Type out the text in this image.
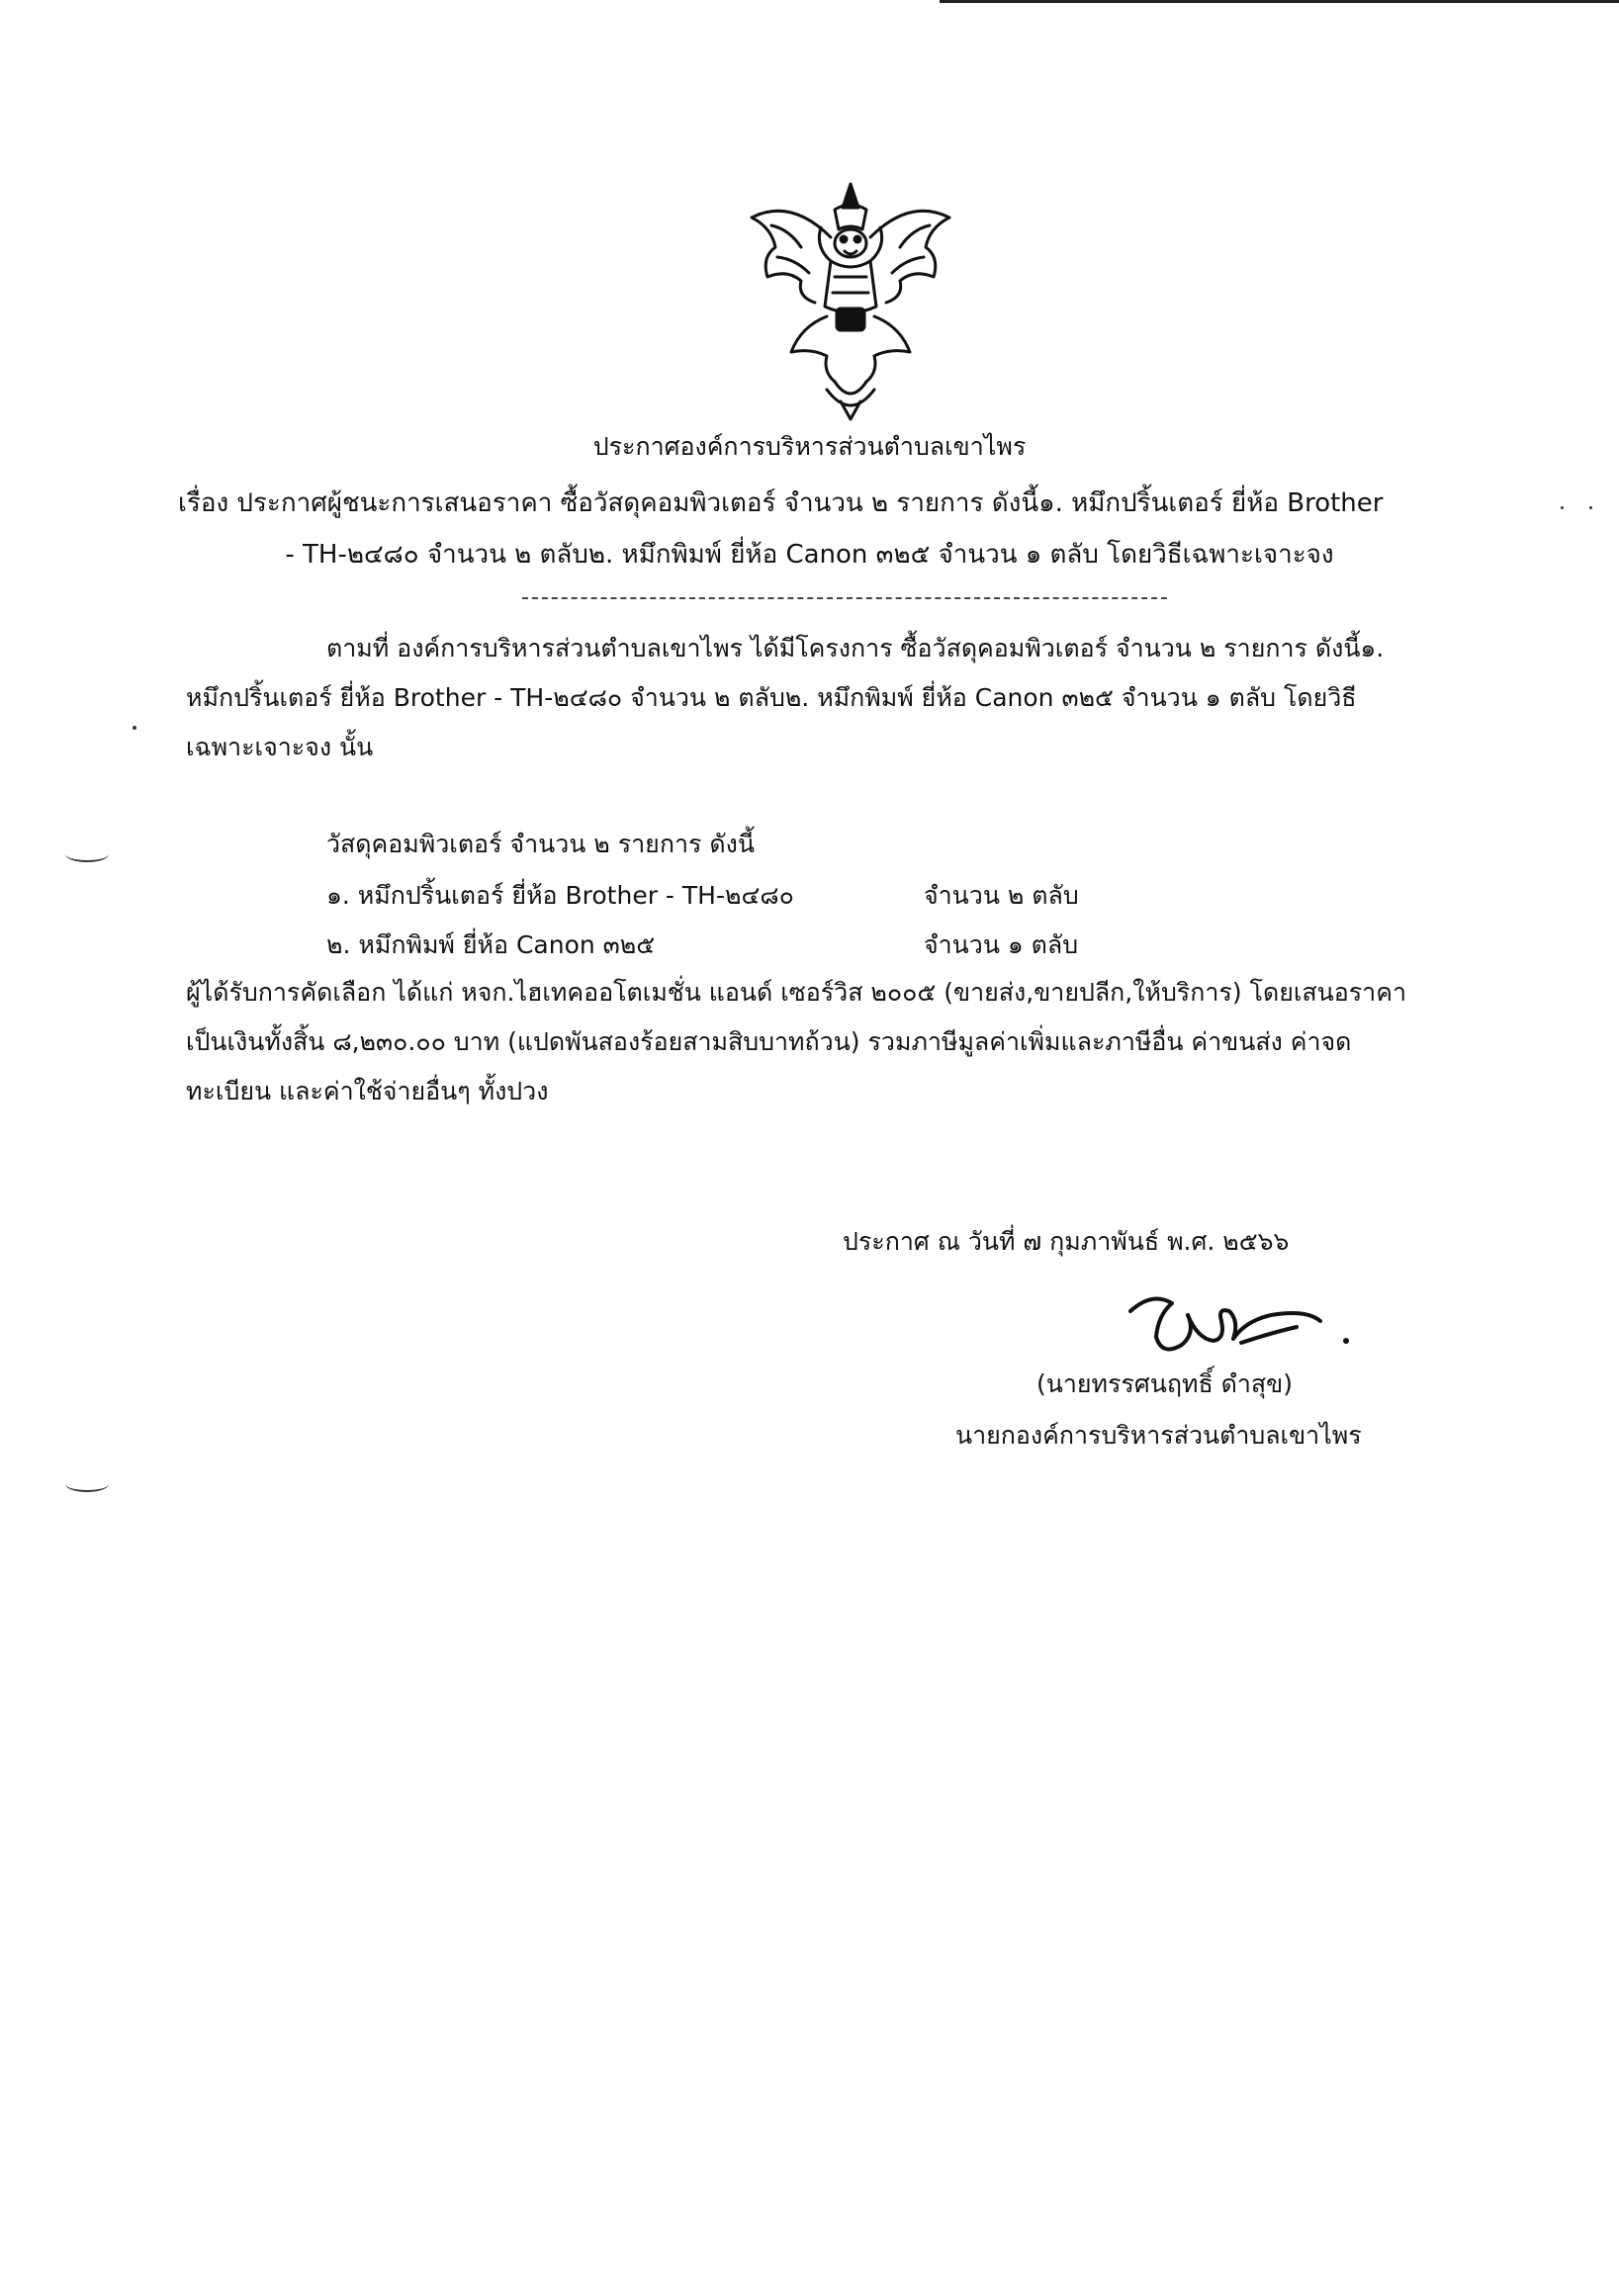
ประกาศองค์การบริหารส่วนตำบลเขาไพร
เรื่อง ประกาศผู้ชนะการเสนอราคา ซื้อวัสดุคอมพิวเตอร์ จำนวน ๒ รายการ ดังนี้๑. หมึกปริ้นเตอร์ ยี่ห้อ Brother
- TH-๒๔๘๐ จำนวน ๒ ตลับ๒. หมึกพิมพ์ ยี่ห้อ Canon ๓๒๕ จำนวน ๑ ตลับ โดยวิธีเฉพาะเจาะจง
ตามที่ องค์การบริหารส่วนตำบลเขาไพร ได้มีโครงการ ซื้อวัสดุคอมพิวเตอร์ จำนวน ๒ รายการ ดังนี้๑.
หมึกปริ้นเตอร์ ยี่ห้อ Brother - TH-๒๔๘๐ จำนวน ๒ ตลับ๒. หมึกพิมพ์ ยี่ห้อ Canon ๓๒๕ จำนวน ๑ ตลับ โดยวิธี
เฉพาะเจาะจง นั้น
วัสดุคอมพิวเตอร์ จำนวน ๒ รายการ ดังนี้
๑. หมึกปริ้นเตอร์ ยี่ห้อ Brother - TH-๒๔๘๐	จำนวน ๒ ตลับ
๒. หมึกพิมพ์ ยี่ห้อ Canon ๓๒๕	จำนวน ๑ ตลับ
ผู้ได้รับการคัดเลือก ได้แก่ หจก.ไฮเทคออโตเมชั่น แอนด์ เซอร์วิส ๒๐๐๕ (ขายส่ง,ขายปลีก,ให้บริการ) โดยเสนอราคา
เป็นเงินทั้งสิ้น ๘,๒๓๐.๐๐ บาท (แปดพันสองร้อยสามสิบบาทถ้วน) รวมภาษีมูลค่าเพิ่มและภาษีอื่น ค่าขนส่ง ค่าจด
ทะเบียน และค่าใช้จ่ายอื่นๆ ทั้งปวง
ประกาศ ณ วันที่ ๗ กุมภาพันธ์ พ.ศ. ๒๕๖๖
(นายทรรศนฤทธิ์ ดำสุข)
นายกองค์การบริหารส่วนตำบลเขาไพร
